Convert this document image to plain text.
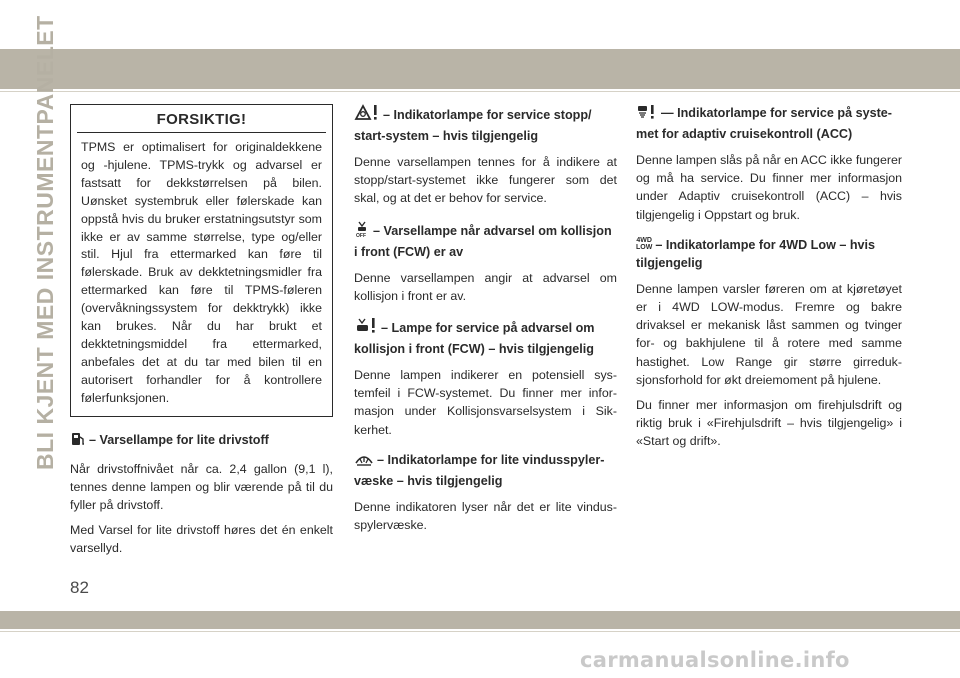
BLI KJENT MED INSTRUMENTPANELET	FORSIKTIG!

TPMS er optimalisert for originaldekkene og -hjulene. TPMS-trykk og advarsel er fastsatt for dekkstørrelsen på bilen. Uønsket systembruk eller følerskade kan oppstå hvis du bruker erstatningsutstyr som ikke er av samme størrelse, type og/eller stil. Hjul fra ettermarked kan føre til følerskade. Bruk av dekktetningsmidler fra ettermarked kan føre til TPMS-føleren (overvåkningssystem for dekktrykk) ikke kan brukes. Når du har brukt et dekktetningsmiddel fra ettermarked, anbefales det at du tar med bilen til en autorisert forhandler for å kontrollere følerfunksjonen.

– Varsellampe for lite drivstoff

Når drivstoffnivået når ca. 2,4 gallon (9,1 l), tennes denne lampen og blir værende på til du fyller på drivstoff.

Med Varsel for lite drivstoff høres det én enkelt varsellyd.

– Indikatorlampe for service stopp/ start-system – hvis tilgjengelig

Denne varsellampen tennes for å indikere at stopp/start-systemet ikke fungerer som det skal, og at det er behov for service.

OFF – Varsellampe når advarsel om kollisjon i front (FCW) er av

Denne varsellampen angir at advarsel om kollisjon i front er av.

– Lampe for service på advarsel om kollisjon i front (FCW) – hvis tilgjengelig

Denne lampen indikerer en potensiell systemfeil i FCW-systemet. Du finner mer informasjon under Kollisjonsvarselsystem i Sikkerhet.

– Indikatorlampe for lite vindusspylervæske – hvis tilgjengelig

Denne indikatoren lyser når det er lite vindusspylervæske.

— Indikatorlampe for service på systemet for adaptiv cruisekontroll (ACC)

Denne lampen slås på når en ACC ikke fungerer og må ha service. Du finner mer informasjon under Adaptiv cruisekontroll (ACC) – hvis tilgjengelig i Oppstart og bruk.

4WD
LOW – Indikatorlampe for 4WD Low – hvis tilgjengelig

Denne lampen varsler føreren om at kjøretøyet er i 4WD LOW-modus. Fremre og bakre drivaksel er mekanisk låst sammen og tvinger for- og bakhjulene til å rotere med samme hastighet. Low Range gir større girreduksjonsforhold for økt dreiemoment på hjulene.

Du finner mer informasjon om firehjulsdrift og riktig bruk i «Firehjulsdrift – hvis tilgjengelig» i «Start og drift».

82
carmanualsonline.info
